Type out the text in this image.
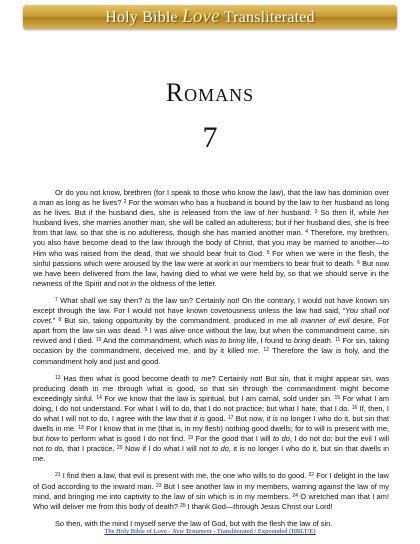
Holy Bible Love Transliterated
Romans
7

Or do you not know, brethren (for I speak to those who know the law), that the law has dominion over a man as long as he lives? $^2$ For the woman who has a husband is bound by the law to her husband as long as he lives. But if the husband dies, she is released from the law of her husband. $^3$ So then if, while her husband lives, she marries another man, she will be called an adulteress; but if her husband dies, she is free from that law, so that she is no adulteress, though she has married another man. $^4$ Therefore, my brethren, you also have become dead to the law through the body of Christ, that you may be married to another—to Him who was raised from the dead, that we should bear fruit to God. $^5$ For when we were in the flesh, the sinful passions which were aroused by the law were at work in our members to bear fruit to death. $^6$ But now we have been delivered from the law, having died to what we were held by, so that we should serve in the newness of the Spirit and not in the oldness of the letter.

$^7$ What shall we say then? Is the law sin? Certainly not! On the contrary, I would not have known sin except through the law. For I would not have known covetousness unless the law had said, “You shall not covet.” $^8$ But sin, taking opportunity by the commandment, produced in me all manner of evil desire. For apart from the law sin was dead. $^9$ I was alive once without the law, but when the commandment came, sin revived and I died. $^{10}$ And the commandment, which was to bring life, I found to bring death. $^{11}$ For sin, taking occasion by the commandment, deceived me, and by it killed me. $^{12}$ Therefore the law is holy, and the commandment holy and just and good.

$^{13}$ Has then what is good become death to me? Certainly not! But sin, that it might appear sin, was producing death in me through what is good, so that sin through the commandment might become exceedingly sinful. $^{14}$ For we know that the law is spiritual, but I am carnal, sold under sin. $^{15}$ For what I am doing, I do not understand. For what I will to do, that I do not practice; but what I hate, that I do. $^{16}$ If, then, I do what I will not to do, I agree with the law that it is good. $^{17}$ But now, it is no longer I who do it, but sin that dwells in me. $^{18}$ For I know that in me (that is, in my flesh) nothing good dwells; for to will is present with me, but how to perform what is good I do not find. $^{19}$ For the good that I will to do, I do not do; but the evil I will not to do, that I practice. $^{20}$ Now if I do what I will not to do, it is no longer I who do it, but sin that dwells in me.

$^{21}$ I find then a law, that evil is present with me, the one who wills to do good. $^{22}$ For I delight in the law of God according to the inward man. $^{23}$ But I see another law in my members, warring against the law of my mind, and bringing me into captivity to the law of sin which is in my members. $^{24}$ O wretched man that I am! Who will deliver me from this body of death? $^{25}$ I thank God—through Jesus Christ our Lord!

So then, with the mind I myself serve the law of God, but with the flesh the law of sin.

The Holy Bible of Love - New Testament - Transliterated / Expounded (HBLT/E)
